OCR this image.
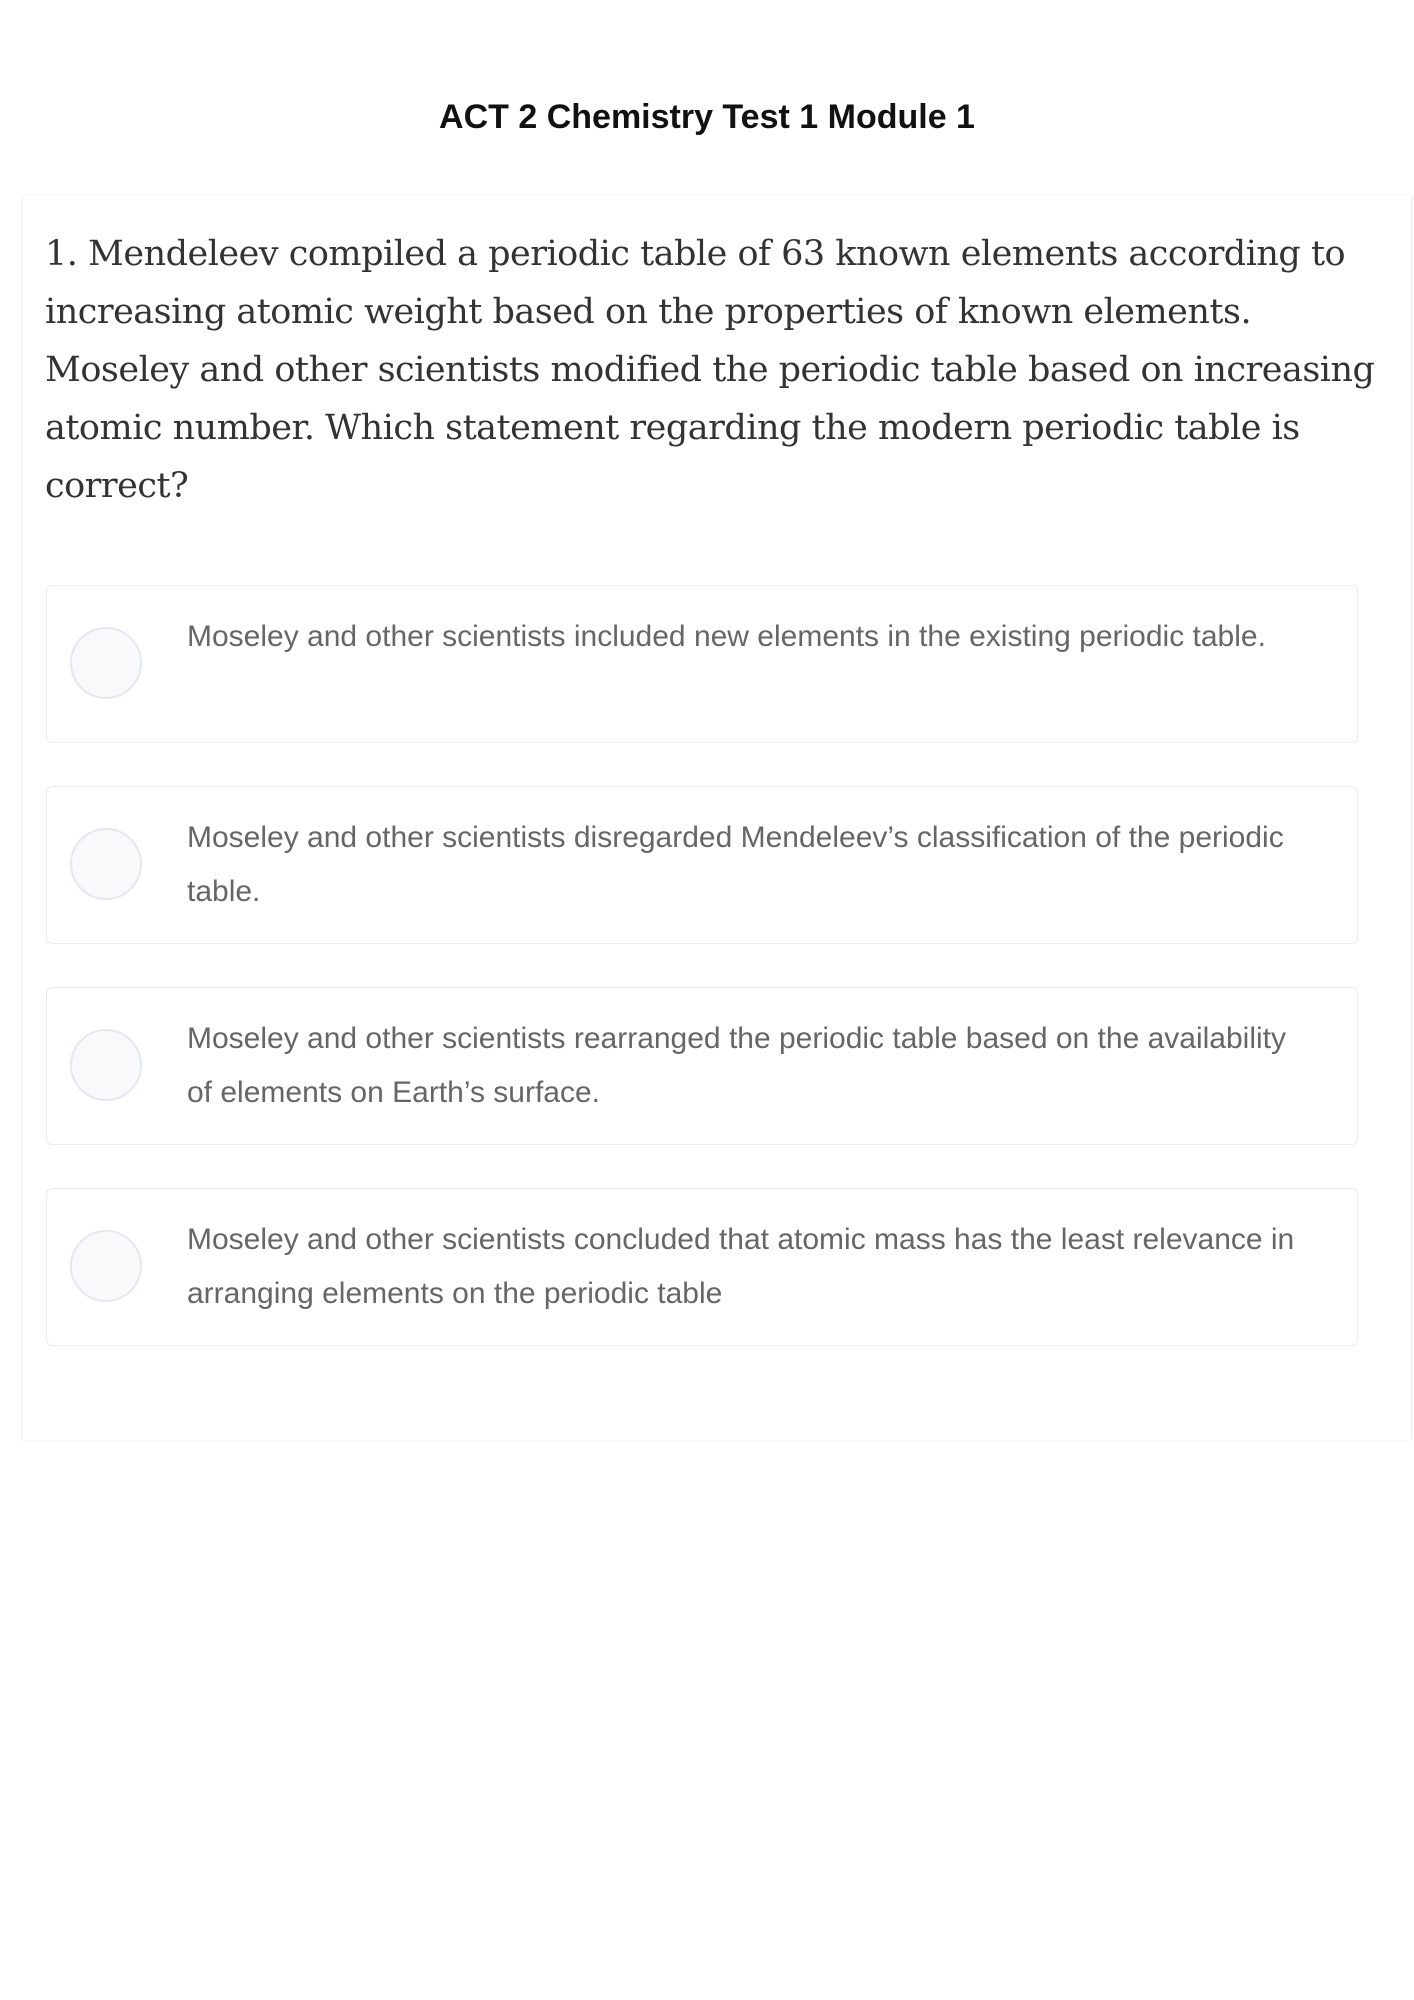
ACT 2 Chemistry Test 1 Module 1
1. Mendeleev compiled a periodic table of 63 known elements according to increasing atomic weight based on the properties of known elements. Moseley and other scientists modified the periodic table based on increasing atomic number. Which statement regarding the modern periodic table is correct?
Moseley and other scientists included new elements in the existing periodic table.
Moseley and other scientists disregarded Mendeleev’s classification of the periodic table.
Moseley and other scientists rearranged the periodic table based on the availability of elements on Earth’s surface.
Moseley and other scientists concluded that atomic mass has the least relevance in arranging elements on the periodic table
